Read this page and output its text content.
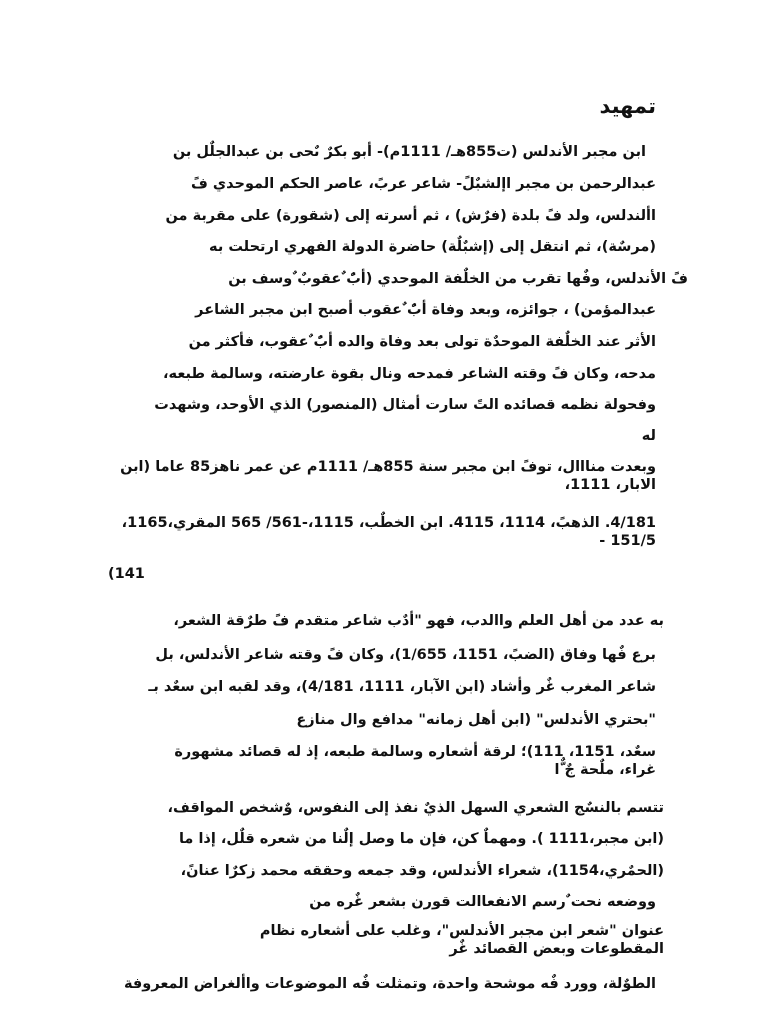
تمهيد
ابن مجبر الأندلس (ت855هـ/ 1111م)- أبو بكرٌ ىٌحى بن عبدالجلٌل بن
عبدالرحمن بن مجبر اإلشبٌلً- شاعر عربً، عاصر الحكم الموحدي فً
األندلس، ولد فً بلدة (فرٌش) ، ثم أسرته إلى (شقورة) على مقربة من
(مرسٌة)، ثم انتقل إلى (إشبٌلٌة) حاضرة الدولة الفهري ارتحلت به
فً الأندلس، وفٌها تقرب من الخلٌفة الموحدي (أبًٌ ٌعقوبٌ ٌوسف بن
عبدالمؤمن) ، جوائزه، وبعد وفاة أبًٌ ٌعقوب أصبح ابن مجبر الشاعر
الأثر عند الخلٌفة الموحدٌة تولى بعد وفاة والده أبًٌ ٌعقوب، فأكثر من
مدحه، وكان فً وقته الشاعر فمدحه ونال بقوة عارضته، وسالمة طبعه،
وفحولة نظمه قصائده التً سارت أمثال (المنصور) الذي الأوحد، وشهدت
له
وبعدت منااال، توفً ابن مجبر سنة 855هـ/ 1111م عن عمر ناهز85 عاما (ابن الابار، 1111،
4/181. الذهبً، 1114، 4115. ابن الخطٌب، 1115،-561/ 565 المقري،1165، 151/5 -
(141
به عدد من أهل العلم واالدب، فهو "أدٌب شاعر متقدم فً طرٌقة الشعر،
برع فٌها وفاق (الضبً، 1151، 1/655)، وكان فً وقته شاعر الأندلس، بل
شاعر المغرب غٌر وأشاد (ابن الآبار، 1111، 4/181)، وقد لقبه ابن سعٌد بـ
"بحتري الأندلس" (ابن أهل زمانه" مدافع وال منازع
سعٌد، 1151، 111)؛ لرقة أشعاره وسالمة طبعه، إذ له قصائد مشهورة غراء، ملٌحة جٌ ٌّا
تتسم بالنسٌج الشعري السهل الذيٌ نفذ إلى النفوس، وٌشخص المواقف،
(ابن مجبر،1111 ). ومهماٌ كن، فإن ما وصل إلٌنا من شعره قلٌل، إذا ما
(الحمٌري،1154)، شعراء الأندلس، وقد جمعه وحققه محمد زكرٌا عنانً،
ووضعه نحت ٌرسم الانفعاالت قورن بشعر غٌره من
عنوان "شعر ابن مجبر الأندلس"، وغلب على أشعاره نظام المقطوعات وبعض القصائد غٌر
الطوٌلة، وورد فٌه موشحة واحدة، وتمثلت فٌه الموضوعات واألغراض المعروفة
